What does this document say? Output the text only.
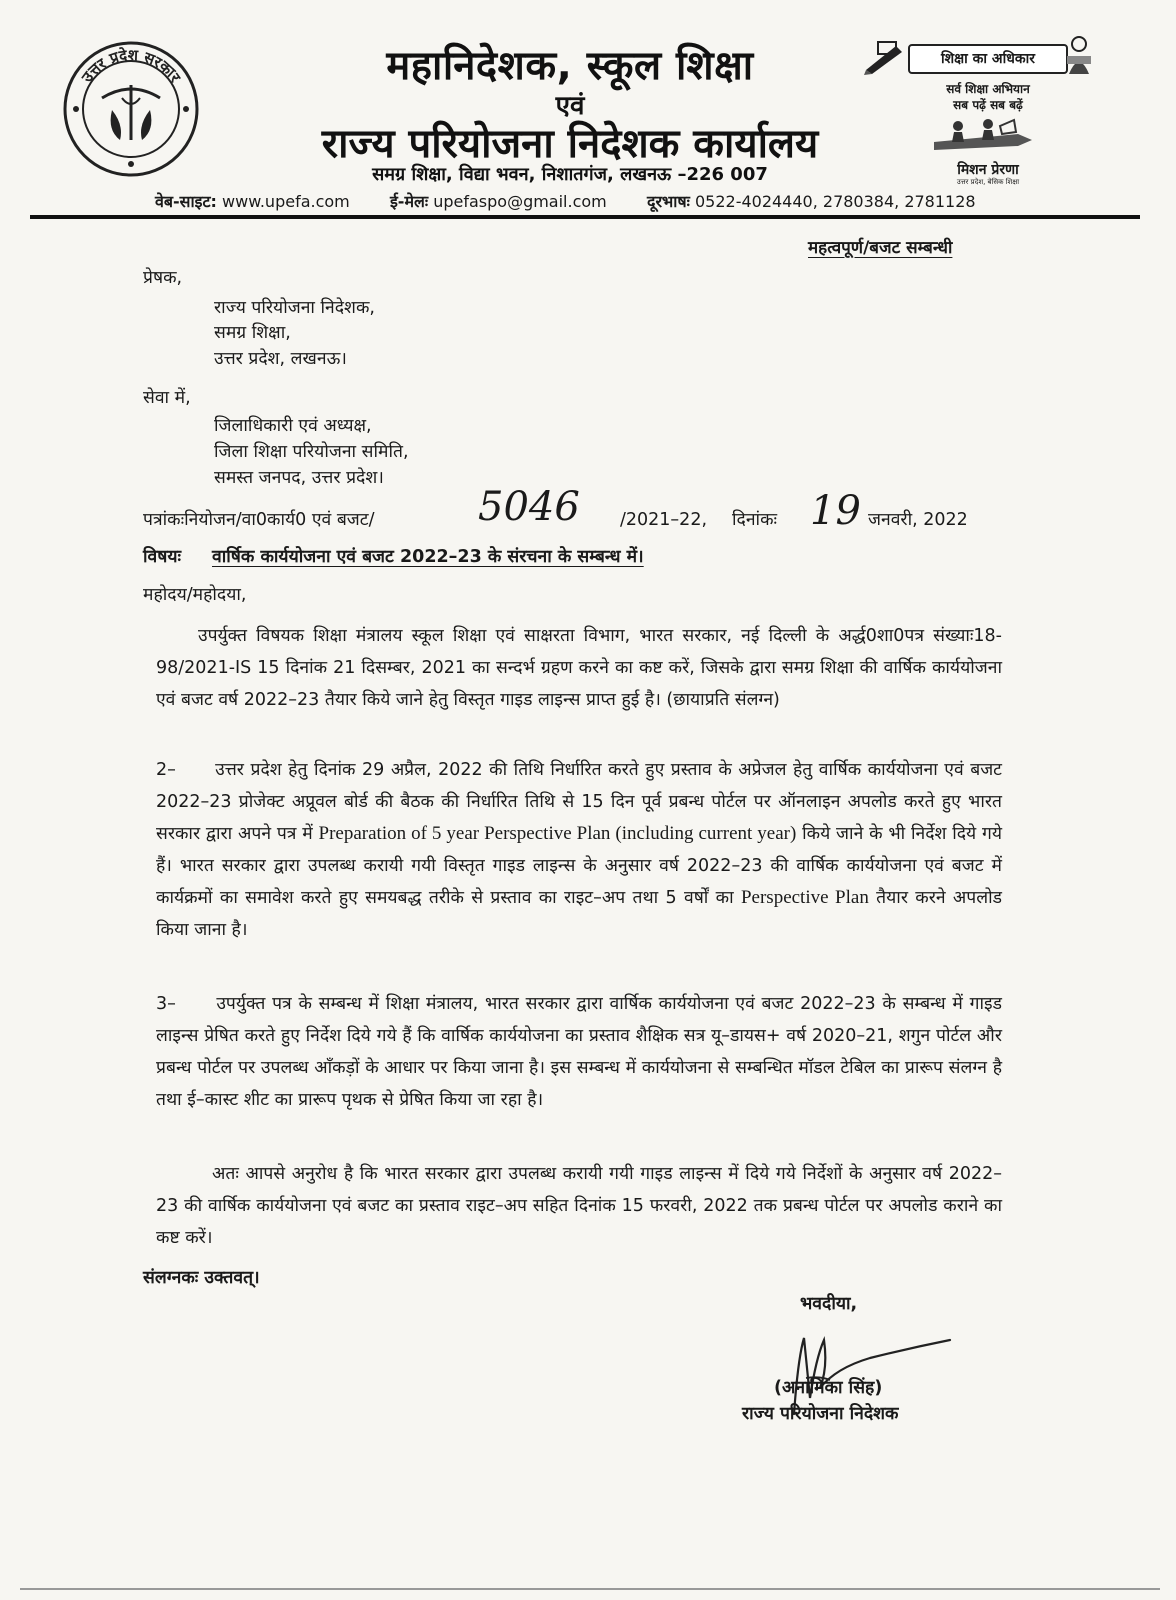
उत्तर प्रदेश सरकार	महानिदेशक, स्कूल शिक्षा
एवं
राज्य परियोजना निदेशक कार्यालय
समग्र शिक्षा, विद्या भवन, निशातगंज, लखनऊ –226 007
शिक्षा का अधिकार
सर्व शिक्षा अभियान
सब पढ़ें सब बढ़ें
मिशन प्रेरणा
उत्तर प्रदेश, बेसिक शिक्षा
वेब-साइट: www.upefa.com	ई-मेलः upefaspo@gmail.com	दूरभाषः 0522-4024440, 2780384, 2781128
महत्वपूर्ण/बजट सम्बन्धी
प्रेषक,
राज्य परियोजना निदेशक,
समग्र शिक्षा,
उत्तर प्रदेश, लखनऊ।
सेवा में,
जिलाधिकारी एवं अध्यक्ष,
जिला शिक्षा परियोजना समिति,
समस्त जनपद, उत्तर प्रदेश।
पत्रांकःनियोजन/वा0कार्य0 एवं बजट/	5046 /2021–22, दिनांकः 19 जनवरी, 2022
विषयः वार्षिक कार्ययोजना एवं बजट 2022–23 के संरचना के सम्बन्ध में।
महोदय/महोदया,
उपर्युक्त विषयक शिक्षा मंत्रालय स्कूल शिक्षा एवं साक्षरता विभाग, भारत सरकार, नई दिल्ली के अर्द्ध0शा0पत्र संख्याः18-98/2021-IS 15 दिनांक 21 दिसम्बर, 2021 का सन्दर्भ ग्रहण करने का कष्ट करें, जिसके द्वारा समग्र शिक्षा की वार्षिक कार्ययोजना एवं बजट वर्ष 2022–23 तैयार किये जाने हेतु विस्तृत गाइड लाइन्स प्राप्त हुई है। (छायाप्रति संलग्न)
2– उत्तर प्रदेश हेतु दिनांक 29 अप्रैल, 2022 की तिथि निर्धारित करते हुए प्रस्ताव के अप्रेजल हेतु वार्षिक कार्ययोजना एवं बजट 2022–23 प्रोजेक्ट अप्रूवल बोर्ड की बैठक की निर्धारित तिथि से 15 दिन पूर्व प्रबन्ध पोर्टल पर ऑनलाइन अपलोड करते हुए भारत सरकार द्वारा अपने पत्र में Preparation of 5 year Perspective Plan (including current year) किये जाने के भी निर्देश दिये गये हैं। भारत सरकार द्वारा उपलब्ध करायी गयी विस्तृत गाइड लाइन्स के अनुसार वर्ष 2022–23 की वार्षिक कार्ययोजना एवं बजट में कार्यक्रमों का समावेश करते हुए समयबद्ध तरीके से प्रस्ताव का राइट–अप तथा 5 वर्षों का Perspective Plan तैयार करने अपलोड किया जाना है।
3– उपर्युक्त पत्र के सम्बन्ध में शिक्षा मंत्रालय, भारत सरकार द्वारा वार्षिक कार्ययोजना एवं बजट 2022–23 के सम्बन्ध में गाइड लाइन्स प्रेषित करते हुए निर्देश दिये गये हैं कि वार्षिक कार्ययोजना का प्रस्ताव शैक्षिक सत्र यू–डायस+ वर्ष 2020–21, शगुन पोर्टल और प्रबन्ध पोर्टल पर उपलब्ध आँकड़ों के आधार पर किया जाना है। इस सम्बन्ध में कार्ययोजना से सम्बन्धित मॉडल टेबिल का प्रारूप संलग्न है तथा ई–कास्ट शीट का प्रारूप पृथक से प्रेषित किया जा रहा है।
अतः आपसे अनुरोध है कि भारत सरकार द्वारा उपलब्ध करायी गयी गाइड लाइन्स में दिये गये निर्देशों के अनुसार वर्ष 2022–23 की वार्षिक कार्ययोजना एवं बजट का प्रस्ताव राइट–अप सहित दिनांक 15 फरवरी, 2022 तक प्रबन्ध पोर्टल पर अपलोड कराने का कष्ट करें।
संलग्नकः उक्तवत्।
भवदीया,
(अनामिका सिंह)
राज्य परियोजना निदेशक
